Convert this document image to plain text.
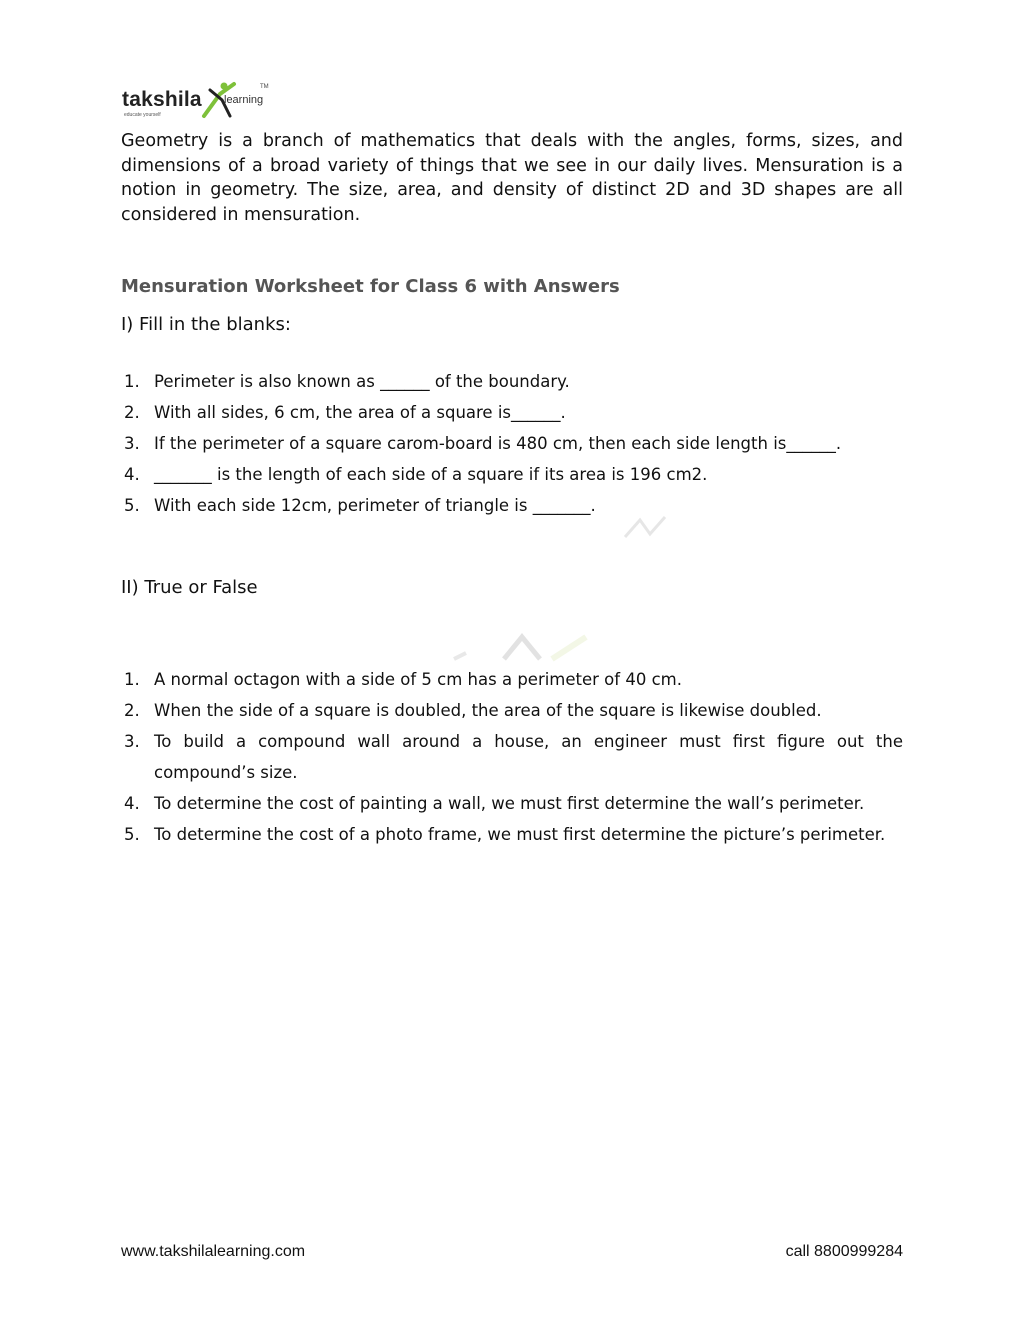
takshila learning
TM
educate yourself

Geometry is a branch of mathematics that deals with the angles, forms, sizes, and dimensions of a broad variety of things that we see in our daily lives. Mensuration is a notion in geometry. The size, area, and density of distinct 2D and 3D shapes are all considered in mensuration.

Mensuration Worksheet for Class 6 with Answers
I) Fill in the blanks:
1. Perimeter is also known as ______ of the boundary.
2. With all sides, 6 cm, the area of a square is______.
3. If the perimeter of a square carom-board is 480 cm, then each side length is______.
4. _______ is the length of each side of a square if its area is 196 cm2.
5. With each side 12cm, perimeter of triangle is _______.
II) True or False
1. A normal octagon with a side of 5 cm has a perimeter of 40 cm.
2. When the side of a square is doubled, the area of the square is likewise doubled.
3. To build a compound wall around a house, an engineer must first figure out the compound’s size.
4. To determine the cost of painting a wall, we must first determine the wall’s perimeter.
5. To determine the cost of a photo frame, we must first determine the picture’s perimeter.
www.takshilalearning.com	call 8800999284
